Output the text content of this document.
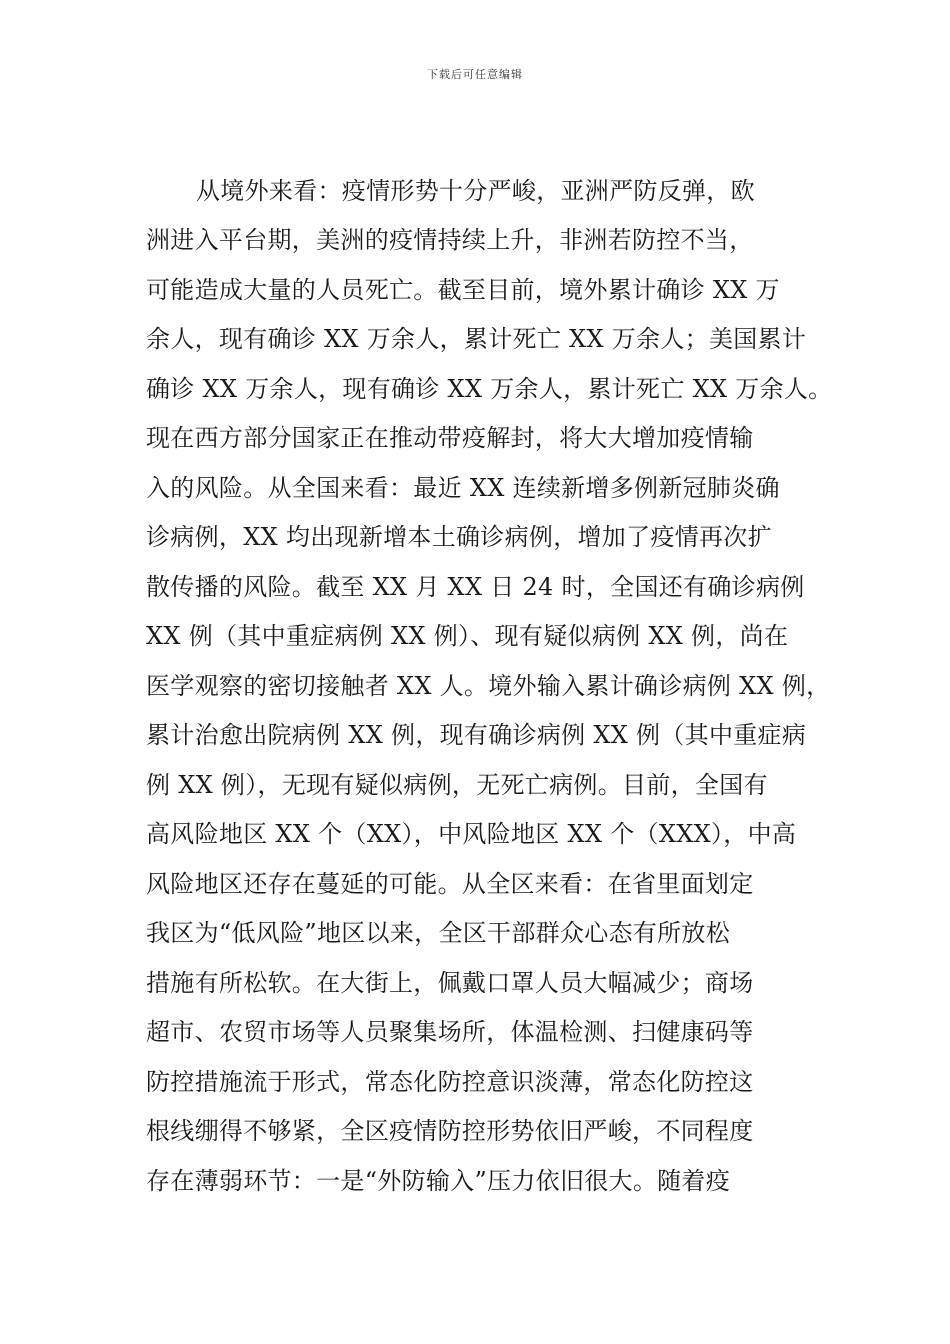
下载后可任意编辑
从境外来看：疫情形势十分严峻，亚洲严防反弹，欧
洲进入平台期，美洲的疫情持续上升，非洲若防控不当，
可能造成大量的人员死亡。截至目前，境外累计确诊 XX 万
余人，现有确诊 XX 万余人，累计死亡 XX 万余人；美国累计
确诊 XX 万余人，现有确诊 XX 万余人，累计死亡 XX 万余人。
现在西方部分国家正在推动带疫解封，将大大增加疫情输
入的风险。从全国来看：最近 XX 连续新增多例新冠肺炎确
诊病例，XX 均出现新增本土确诊病例，增加了疫情再次扩
散传播的风险。截至 XX 月 XX 日 24 时，全国还有确诊病例
XX 例（其中重症病例 XX 例）、现有疑似病例 XX 例，尚在
医学观察的密切接触者 XX 人。境外输入累计确诊病例 XX 例，
累计治愈出院病例 XX 例，现有确诊病例 XX 例（其中重症病
例 XX 例），无现有疑似病例，无死亡病例。目前，全国有
高风险地区 XX 个（XX），中风险地区 XX 个（XXX），中高
风险地区还存在蔓延的可能。从全区来看：在省里面划定
我区为“低风险”地区以来，全区干部群众心态有所放松
措施有所松软。在大街上，佩戴口罩人员大幅减少；商场
超市、农贸市场等人员聚集场所，体温检测、扫健康码等
防控措施流于形式，常态化防控意识淡薄，常态化防控这
根线绷得不够紧，全区疫情防控形势依旧严峻，不同程度
存在薄弱环节：一是“外防输入”压力依旧很大。随着疫
